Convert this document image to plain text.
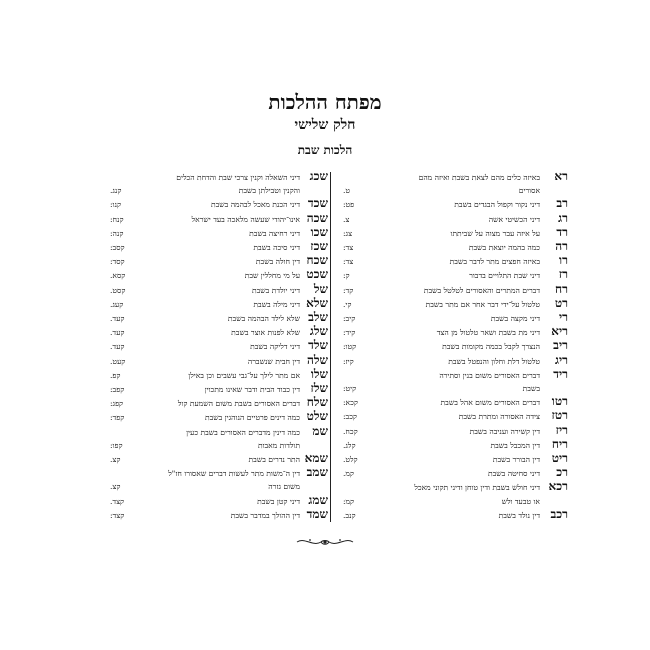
מפתח ההלכות
חלק שלישי
הלכות שבת
רא
באיזה כלים מהם לצאת בשבת ואיזה מהם
אסורים
ט.
רב
דיני נקור וקפול הבגדים בשבת
פט:
רג
דיני הכשיטי אשה
צ.
רד
על איזה עבר מצוה על שביתתו
צג:
רה
כמה בהמה יוצאת בשבת
צד:
רו
באיזה חפצים מתר לדבר בשבת
צד:
רז
דיני שבת התלויים בדבור
ק:
רח
דברים המתרים והאסורים לטלטל בשבת
קד:
רט
טלטול על־ידי דבר אחר אם מתר בשבת
קי.
רי
דיני מקצה בשבת
קיב:
ריא
דיני מת בשבת ושאר טלטול מן הצד
קיד:
ריב
הנצרך לקבל בכמה מקומות בשבת
קטו:
ריג
טלטול דלת וחלון והנפטל בשבת
קיז:
ריד
דברים האסורים משום בנין וסתירה
בשבת
קיט:
רטו
דברים האסורים משום אהל בשבת
קכא:
רטז
צידה האסורה ומתרת בשבת
קכב:
ריז
דין קשירה ועניבה בשבת
קכח.
ריח
דין המכבל בשבת
קלג.
ריט
דין הבורר בשבת
קלט.
רכ
דיני סחיטה בשבת
קמ.
רכא
דיני חולש בשבת ודין טוחן ודיני תקוני מאכל
או טבעד ולש
קמ:
רכב
דין נולד בשבת
קנב.
שכג
דיני השאלה וקנין צרכי שבת והדחת הכלים
והקנין וטבילתן בשבת
קנג.
שכד
דיני הכנת מאכל לבהמה בשבת
קנו:
שכה
אינו־יהודי שעשה מלאכה בעד ישראל
קנח:
שכו
דיני רחיצה בשבת
קנה:
שכז
דיני סיכה בשבת
קסב:
שכח
דין חולה בשבת
קסד:
שכט
על מי מחללין שבת
קסא.
של
דיני יולדת בשבת
קסט.
שלא
דיני מילה בשבת
קעג.
שלב
שלא לילד הבהמה בשבת
קעד.
שלג
שלא לפנות אוצר בשבת
קעד.
שלד
דיני דליקה בשבת
קעד.
שלה
דין חבית שנשברה
קעט.
שלו
אם מתר לילך על־גבי עשבים וכן באילן
קפ.
שלז
דין כבוד הבית ודבר שאינו מתכוין
קפב:
שלח
דברים האסורים בשבת משום השמעת קול
קפג:
שלט
כמה דינים פרטיים הנוהגין בשבת
קפד:
שמ
כמה דינין מדברים האסורים בשבת כעין
תולדות מאבות
קפו:
שמא
התר נדרים בשבת
קצ.
שמב
דין ה־משות מתר לעשות דברים שאסורו חז"ל
משום גזרה
קצ.
שמג
דיני קטן בשבת
קצד.
שמד
דין ההולך במדבר בשבת
קצד:
